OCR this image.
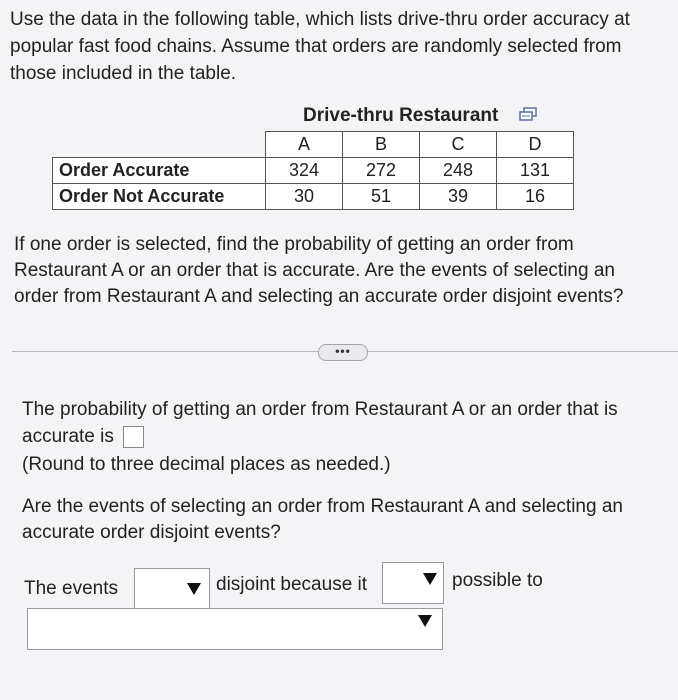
Use the data in the following table, which lists drive-thru order accuracy at
popular fast food chains. Assume that orders are randomly selected from
those included in the table.
Drive-thru Restaurant
	A	B	C	D
Order Accurate	324	272	248	131
Order Not Accurate	30	51	39	16
If one order is selected, find the probability of getting an order from
Restaurant A or an order that is accurate. Are the events of selecting an
order from Restaurant A and selecting an accurate order disjoint events?
•••
The probability of getting an order from Restaurant A or an order that is
accurate is
(Round to three decimal places as needed.)
Are the events of selecting an order from Restaurant A and selecting an
accurate order disjoint events?
The events	disjoint because it	possible to
